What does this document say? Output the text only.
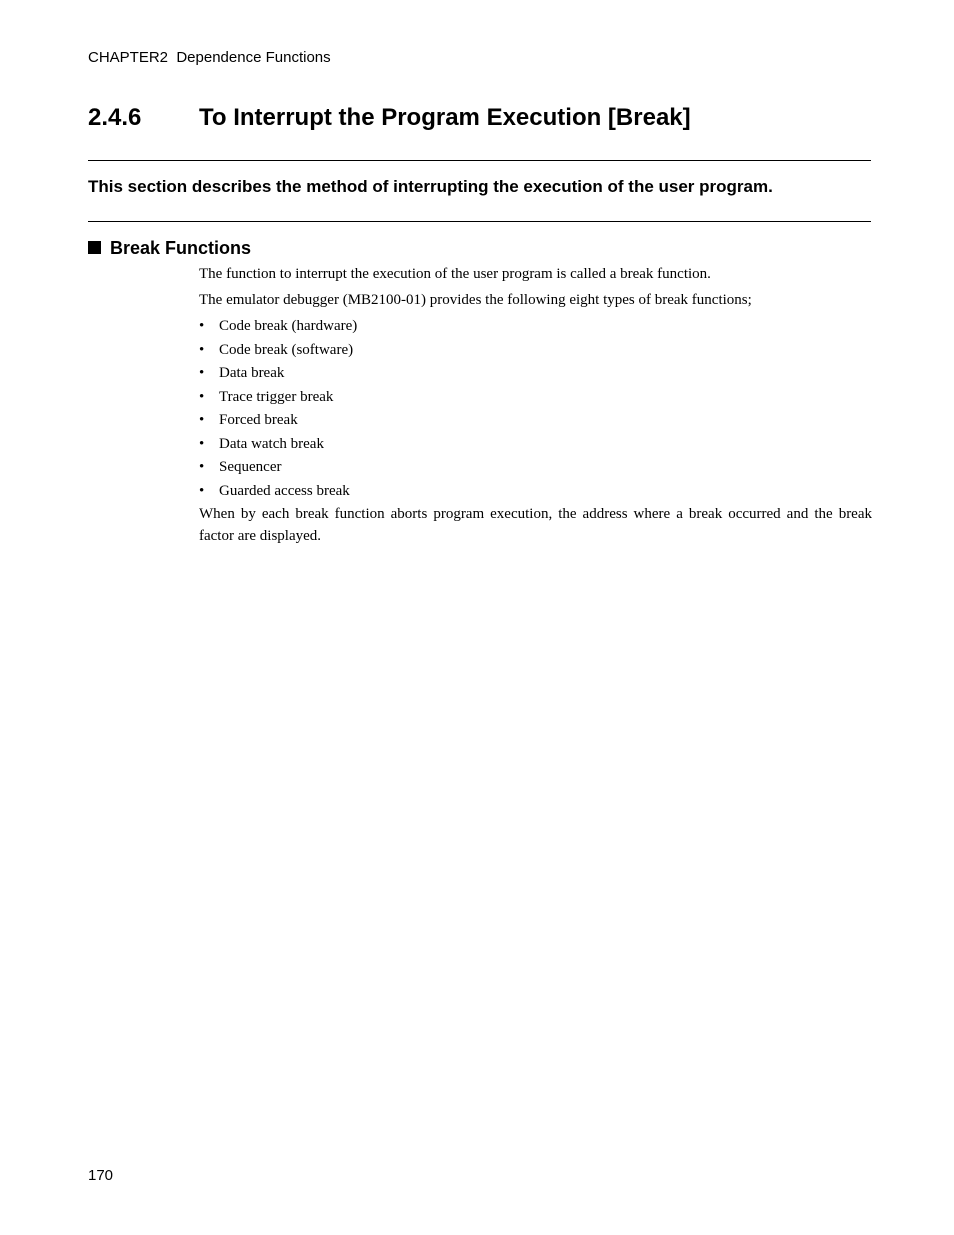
CHAPTER2  Dependence Functions
2.4.6 To Interrupt the Program Execution [Break]
This section describes the method of interrupting the execution of the user program.
Break Functions
The function to interrupt the execution of the user program is called a break function.
The emulator debugger (MB2100-01) provides the following eight types of break functions;
• Code break (hardware)
• Code break (software)
• Data break
• Trace trigger break
• Forced break
• Data watch break
• Sequencer
• Guarded access break
When by each break function aborts program execution, the address where a break occurred and the break factor are displayed.
170
